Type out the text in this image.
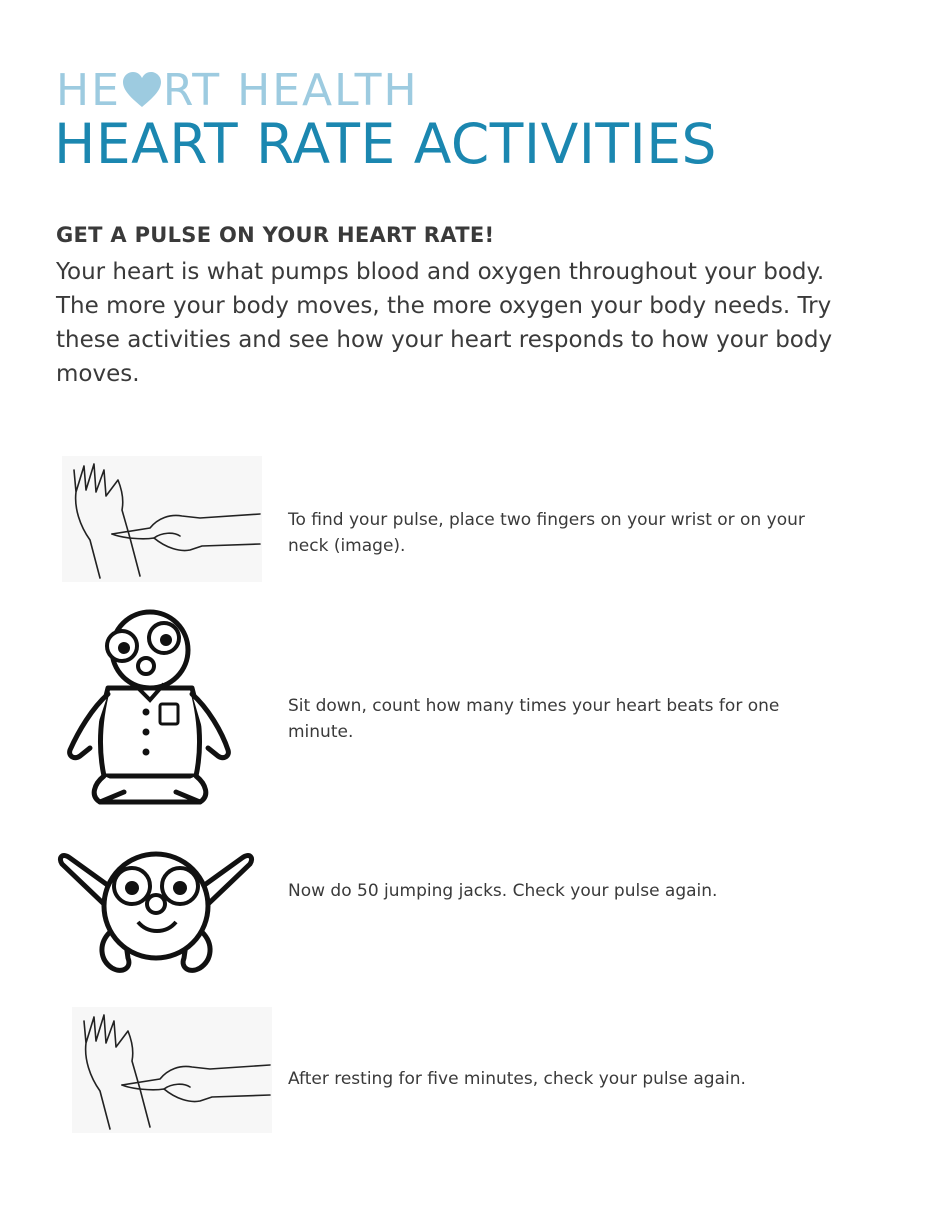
HE RT HEALTH
HEART RATE ACTIVITIES
GET A PULSE ON YOUR HEART RATE!
Your heart is what pumps blood and oxygen throughout your body. The more your body moves, the more oxygen your body needs. Try these activities and see how your heart responds to how your body moves.
To find your pulse, place two fingers on your wrist or on your neck (image).
Sit down, count how many times your heart beats for one minute.
Now do 50 jumping jacks. Check your pulse again.
After resting for five minutes, check your pulse again.
